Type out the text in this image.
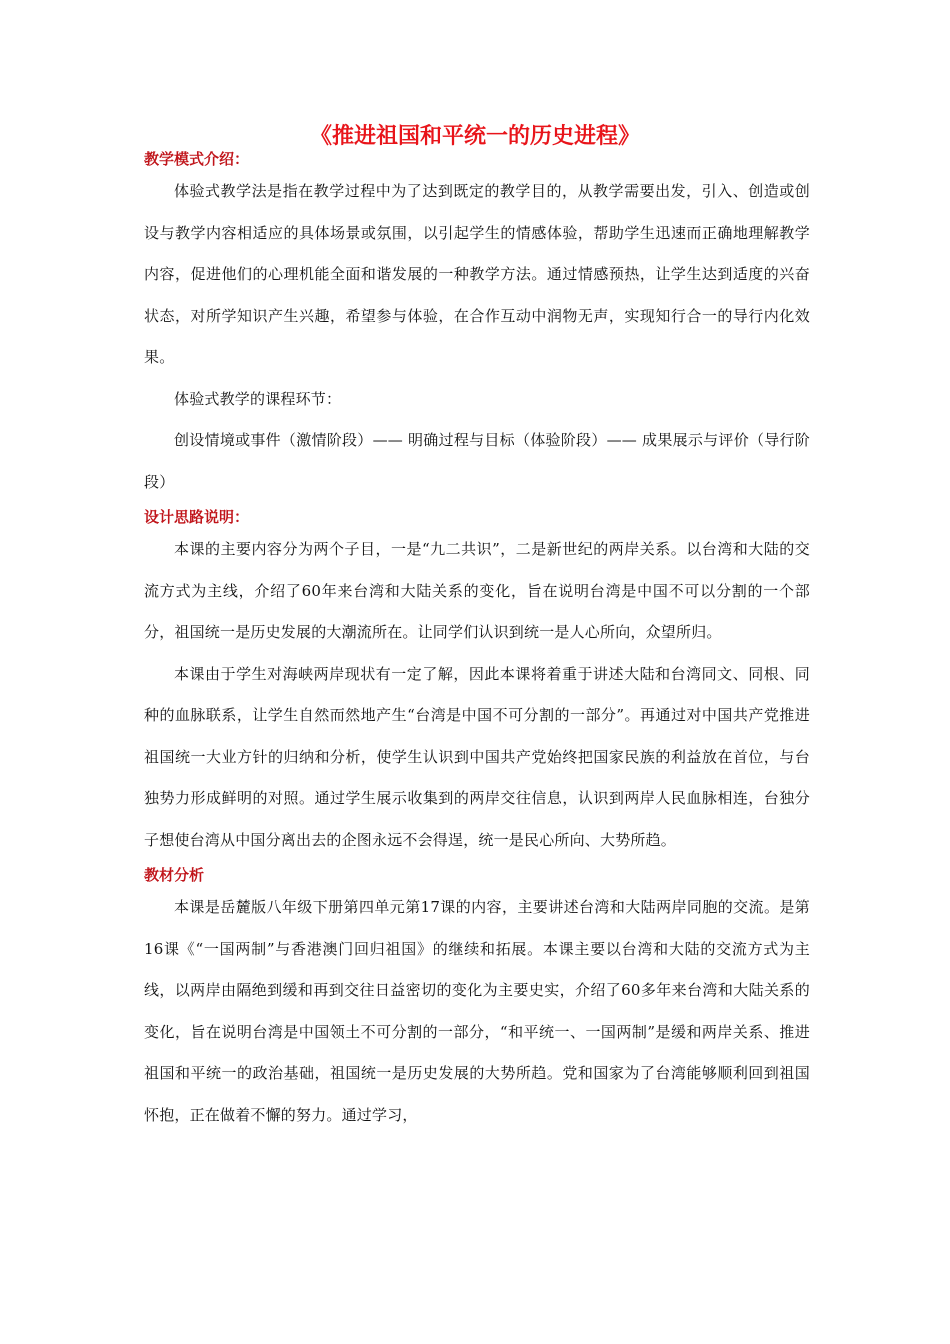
《推进祖国和平统一的历史进程》
教学模式介绍：

体验式教学法是指在教学过程中为了达到既定的教学目的，从教学需要出发，引入、创造或创设与教学内容相适应的具体场景或氛围，以引起学生的情感体验，帮助学生迅速而正确地理解教学内容，促进他们的心理机能全面和谐发展的一种教学方法。通过情感预热，让学生达到适度的兴奋状态，对所学知识产生兴趣，希望参与体验，在合作互动中润物无声，实现知行合一的导行内化效果。

体验式教学的课程环节：

创设情境或事件（激情阶段）—— 明确过程与目标（体验阶段）—— 成果展示与评价（导行阶段）

设计思路说明：

本课的主要内容分为两个子目，一是“九二共识”，二是新世纪的两岸关系。以台湾和大陆的交流方式为主线，介绍了60年来台湾和大陆关系的变化，旨在说明台湾是中国不可以分割的一个部分，祖国统一是历史发展的大潮流所在。让同学们认识到统一是人心所向，众望所归。

本课由于学生对海峡两岸现状有一定了解，因此本课将着重于讲述大陆和台湾同文、同根、同种的血脉联系，让学生自然而然地产生“台湾是中国不可分割的一部分”。再通过对中国共产党推进祖国统一大业方针的归纳和分析，使学生认识到中国共产党始终把国家民族的利益放在首位，与台独势力形成鲜明的对照。通过学生展示收集到的两岸交往信息，认识到两岸人民血脉相连，台独分子想使台湾从中国分离出去的企图永远不会得逞，统一是民心所向、大势所趋。

教材分析

本课是岳麓版八年级下册第四单元第17课的内容，主要讲述台湾和大陆两岸同胞的交流。是第16课《“一国两制”与香港澳门回归祖国》的继续和拓展。本课主要以台湾和大陆的交流方式为主线，以两岸由隔绝到缓和再到交往日益密切的变化为主要史实，介绍了60多年来台湾和大陆关系的变化，旨在说明台湾是中国领土不可分割的一部分，“和平统一、一国两制”是缓和两岸关系、推进祖国和平统一的政治基础，祖国统一是历史发展的大势所趋。党和国家为了台湾能够顺利回到祖国怀抱，正在做着不懈的努力。通过学习，
